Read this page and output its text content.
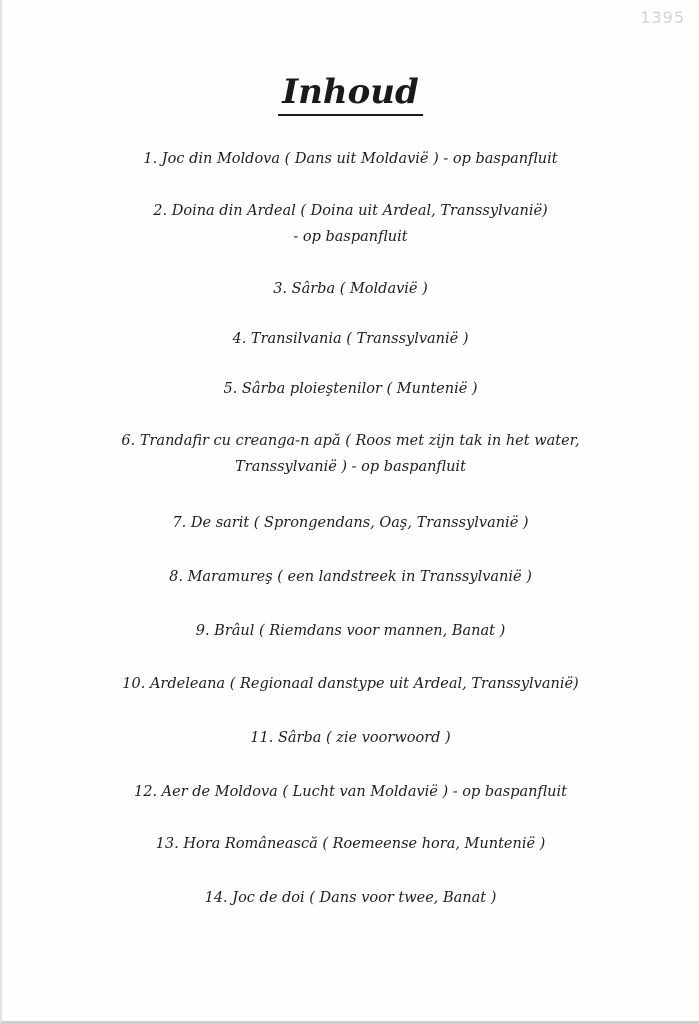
1395
Inhoud
1. Joc din Moldova ( Dans uit Moldavië ) - op baspanfluit
2. Doina din Ardeal ( Doina uit Ardeal, Transsylvanië)
- op baspanfluit
3. Sârba ( Moldavië )
4. Transilvania ( Transsylvanië )
5. Sârba ploieştenilor ( Muntenië )
6. Trandafir cu creanga-n apă ( Roos met zijn tak in het water,
Transsylvanië ) - op baspanfluit
7. De sarit ( Sprongendans, Oaş, Transsylvanië )
8. Maramureş ( een landstreek in Transsylvanië )
9. Brâul ( Riemdans voor mannen, Banat )
10. Ardeleana ( Regionaal danstype uit Ardeal, Transsylvanië)
11. Sârba ( zie voorwoord )
12. Aer de Moldova ( Lucht van Moldavië ) - op baspanfluit
13. Hora Românească ( Roemeense hora, Muntenië )
14. Joc de doi ( Dans voor twee, Banat )
